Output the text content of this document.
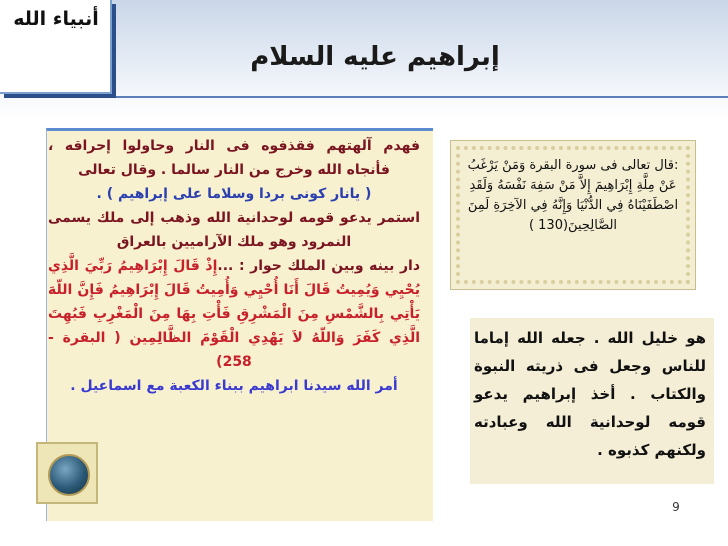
أنبياء الله
إبراهيم عليه السلام

فهدم آلهتهم فقذفوه فى النار وحاولوا إحراقه ، فأنجاه الله وخرج من النار سالما . وقال تعالى

( يانار كونى بردا وسلاما على إبراهيم ) .

استمر يدعو قومه لوحدانية الله وذهب إلى ملك يسمى النمرود وهو ملك الآراميين بالعراق

دار بينه وبين الملك حوار : ...إِذْ قَالَ إِبْرَاهِيمُ رَبِّيَ الَّذِي يُحْيِي وَيُمِيتُ قَالَ أَنَا أُحْيِي وَأُمِيتُ قَالَ إِبْرَاهِيمُ فَإِنَّ اللّهَ يَأْتِي بِالشَّمْسِ مِنَ الْمَشْرِقِ فَأْتِ بِهَا مِنَ الْمَغْرِبِ فَبُهِتَ الَّذِي كَفَرَ وَاللّهُ لاَ يَهْدِي الْقَوْمَ الظَّالِمِين ( البقرة - 258)

أمر الله سيدنا ابراهيم ببناء الكعبة مع اسماعيل .

:قال تعالى فى سورة البقرة وَمَنْ يَرْغَبُ عَنْ مِلَّةِ إِبْرَاهِيمَ إِلاَّ مَنْ سَفِهَ نَفْسَهُ وَلَقَدِ اصْطَفَيْنَاهُ فِي الدُّنْيَا وَإِنَّهُ فِي الآخِرَةِ لَمِنَ الصَّالِحِينَ(130 )
هو خليل الله . جعله الله إماما للناس وجعل فى ذريته النبوة والكتاب . أخذ إبراهيم يدعو قومه لوحدانية الله وعبادته ولكنهم كذبوه .
9
